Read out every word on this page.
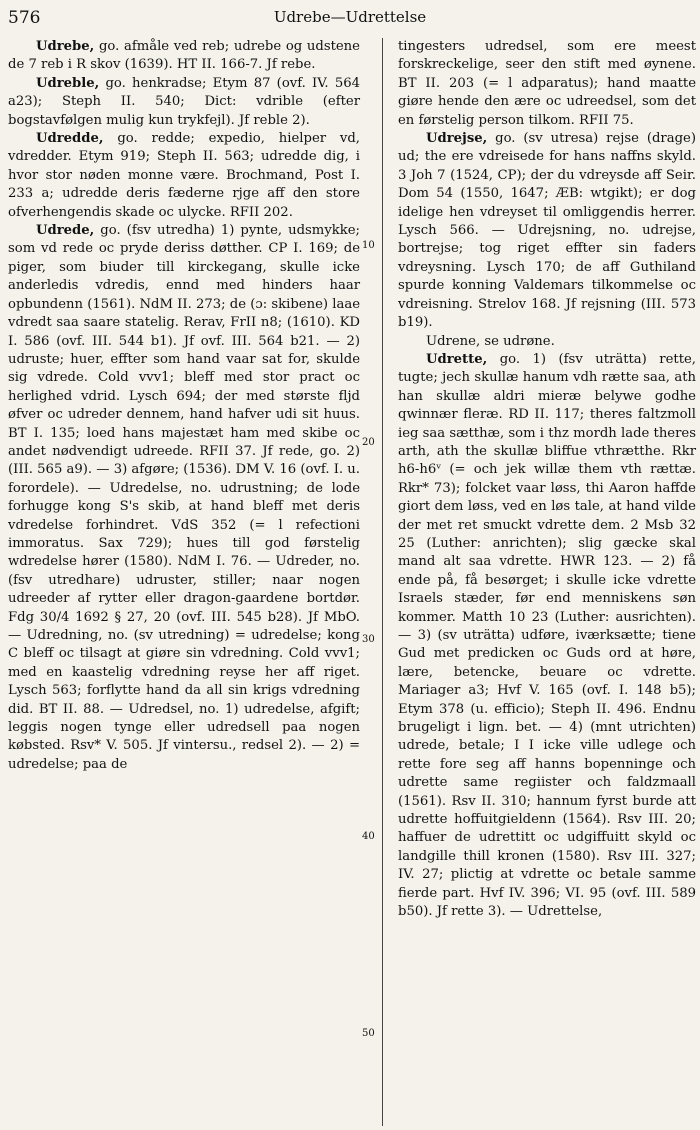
576	Udrebe—Udrettelse

Udrebe, go. afmåle ved reb; udrebe og udstene de 7 reb i R skov (1639). HT II. 166-7. Jf rebe.

Udreble, go. henkradse; Etym 87 (ovf. IV. 564 a23); Steph II. 540; Dict: vdrible (efter bogstavfølgen mulig kun trykfejl). Jf reble 2).

Udredde, go. redde; expedio, hielper vd, vdredder. Etym 919; Steph II. 563; udredde dig, i hvor stor nøden monne være. Brochmand, Post I. 233 a; udredde deris fæderne rjge aff den store ofverhengendis skade oc ulycke. RFII 202.

Udrede, go. (fsv utredha) 1) pynte, udsmykke; som vd rede oc pryde deriss døtther. CP I. 169; de piger, som biuder till kirckegang, skulle icke anderledis vdredis, ennd med hinders haar opbundenn (1561). NdM II. 273; de (ɔ: skibene) laae vdredt saa saare statelig. Rerav, FrII n8; (1610). KD I. 586 (ovf. III. 544 b1). Jf ovf. III. 564 b21. — 2) udruste; huer, effter som hand vaar sat for, skulde sig vdrede. Cold vvv1; bleff med stor pract oc herlighed vdrid. Lysch 694; der med største fljd øfver oc udreder dennem, hand hafver udi sit huus. BT I. 135; loed hans majestæt ham med skibe oc andet nødvendigt udreede. RFII 37. Jf rede, go. 2) (III. 565 a9). — 3) afgøre; (1536). DM V. 16 (ovf. I. u. forordele). — Udredelse, no. udrustning; de lode forhugge kong S's skib, at hand bleff met deris vdredelse forhindret. VdS 352 (= l refectioni immoratus. Sax 729); hues till god førstelig wdredelse hører (1580). NdM I. 76. — Udreder, no. (fsv utredhare) udruster, stiller; naar nogen udreeder af rytter eller dragon-gaardene bortdør. Fdg 30/4 1692 § 27, 20 (ovf. III. 545 b28). Jf MbO. — Udredning, no. (sv utredning) = udredelse; kong C bleff oc tilsagt at giøre sin vdredning. Cold vvv1; med en kaastelig vdredning reyse her aff riget. Lysch 563; forflytte hand da all sin krigs vdredning did. BT II. 88. — Udredsel, no. 1) udredelse, afgift; leggis nogen tynge eller udredsell paa nogen købsted. Rsv* V. 505. Jf vintersu., redsel 2). — 2) = udredelse; paa de

10
20
30
40
50

tingesters udredsel, som ere meest forskreckelige, seer den stift med øynene. BT II. 203 (= l adparatus); hand maatte giøre hende den ære oc udreedsel, som det en førstelig person tilkom. RFII 75.

Udrejse, go. (sv utresa) rejse (drage) ud; the ere vdreisede for hans naffns skyld. 3 Joh 7 (1524, CP); der du vdreysde aff Seir. Dom 54 (1550, 1647; ÆB: wtgikt); er dog idelige hen vdreyset til omliggendis herrer. Lysch 566. — Udrejsning, no. udrejse, bortrejse; tog riget effter sin faders vdreysning. Lysch 170; de aff Guthiland spurde konning Valdemars tilkommelse oc vdreisning. Strelov 168. Jf rejsning (III. 573 b19).

Udrene, se udrøne.

Udrette, go. 1) (fsv uträtta) rette, tugte; jech skullæ hanum vdh rætte saa, ath han skullæ aldri mieræ belywe godhe qwinnær fleræ. RD II. 117; theres faltzmoll ieg saa sætthæ, som i thz mordh lade theres arth, ath the skullæ bliffue vthrætthe. Rkr h6-h6ᵛ (= och jek willæ them vth rættæ. Rkr* 73); folcket vaar løss, thi Aaron haffde giort dem løss, ved en løs tale, at hand vilde der met ret smuckt vdrette dem. 2 Msb 32 25 (Luther: anrichten); slig gæcke skal mand alt saa vdrette. HWR 123. — 2) få ende på, få besørget; i skulle icke vdrette Israels stæder, før end menniskens søn kommer. Matth 10 23 (Luther: ausrichten). — 3) (sv uträtta) udføre, iværksætte; tiene Gud met predicken oc Guds ord at høre, lære, betencke, beuare oc vdrette. Mariager a3; Hvf V. 165 (ovf. I. 148 b5); Etym 378 (u. efficio); Steph II. 496. Endnu brugeligt i lign. bet. — 4) (mnt utrichten) udrede, betale; I I icke ville udlege och rette fore seg aff hanns bopenninge och udrette same regiister och faldzmaall (1561). Rsv II. 310; hannum fyrst burde att udrette hoffuitgieldenn (1564). Rsv III. 20; haffuer de udrettitt oc udgiffuitt skyld oc landgille thill kronen (1580). Rsv III. 327; IV. 27; plictig at vdrette oc betale samme fierde part. Hvf IV. 396; VI. 95 (ovf. III. 589 b50). Jf rette 3). — Udrettelse,
